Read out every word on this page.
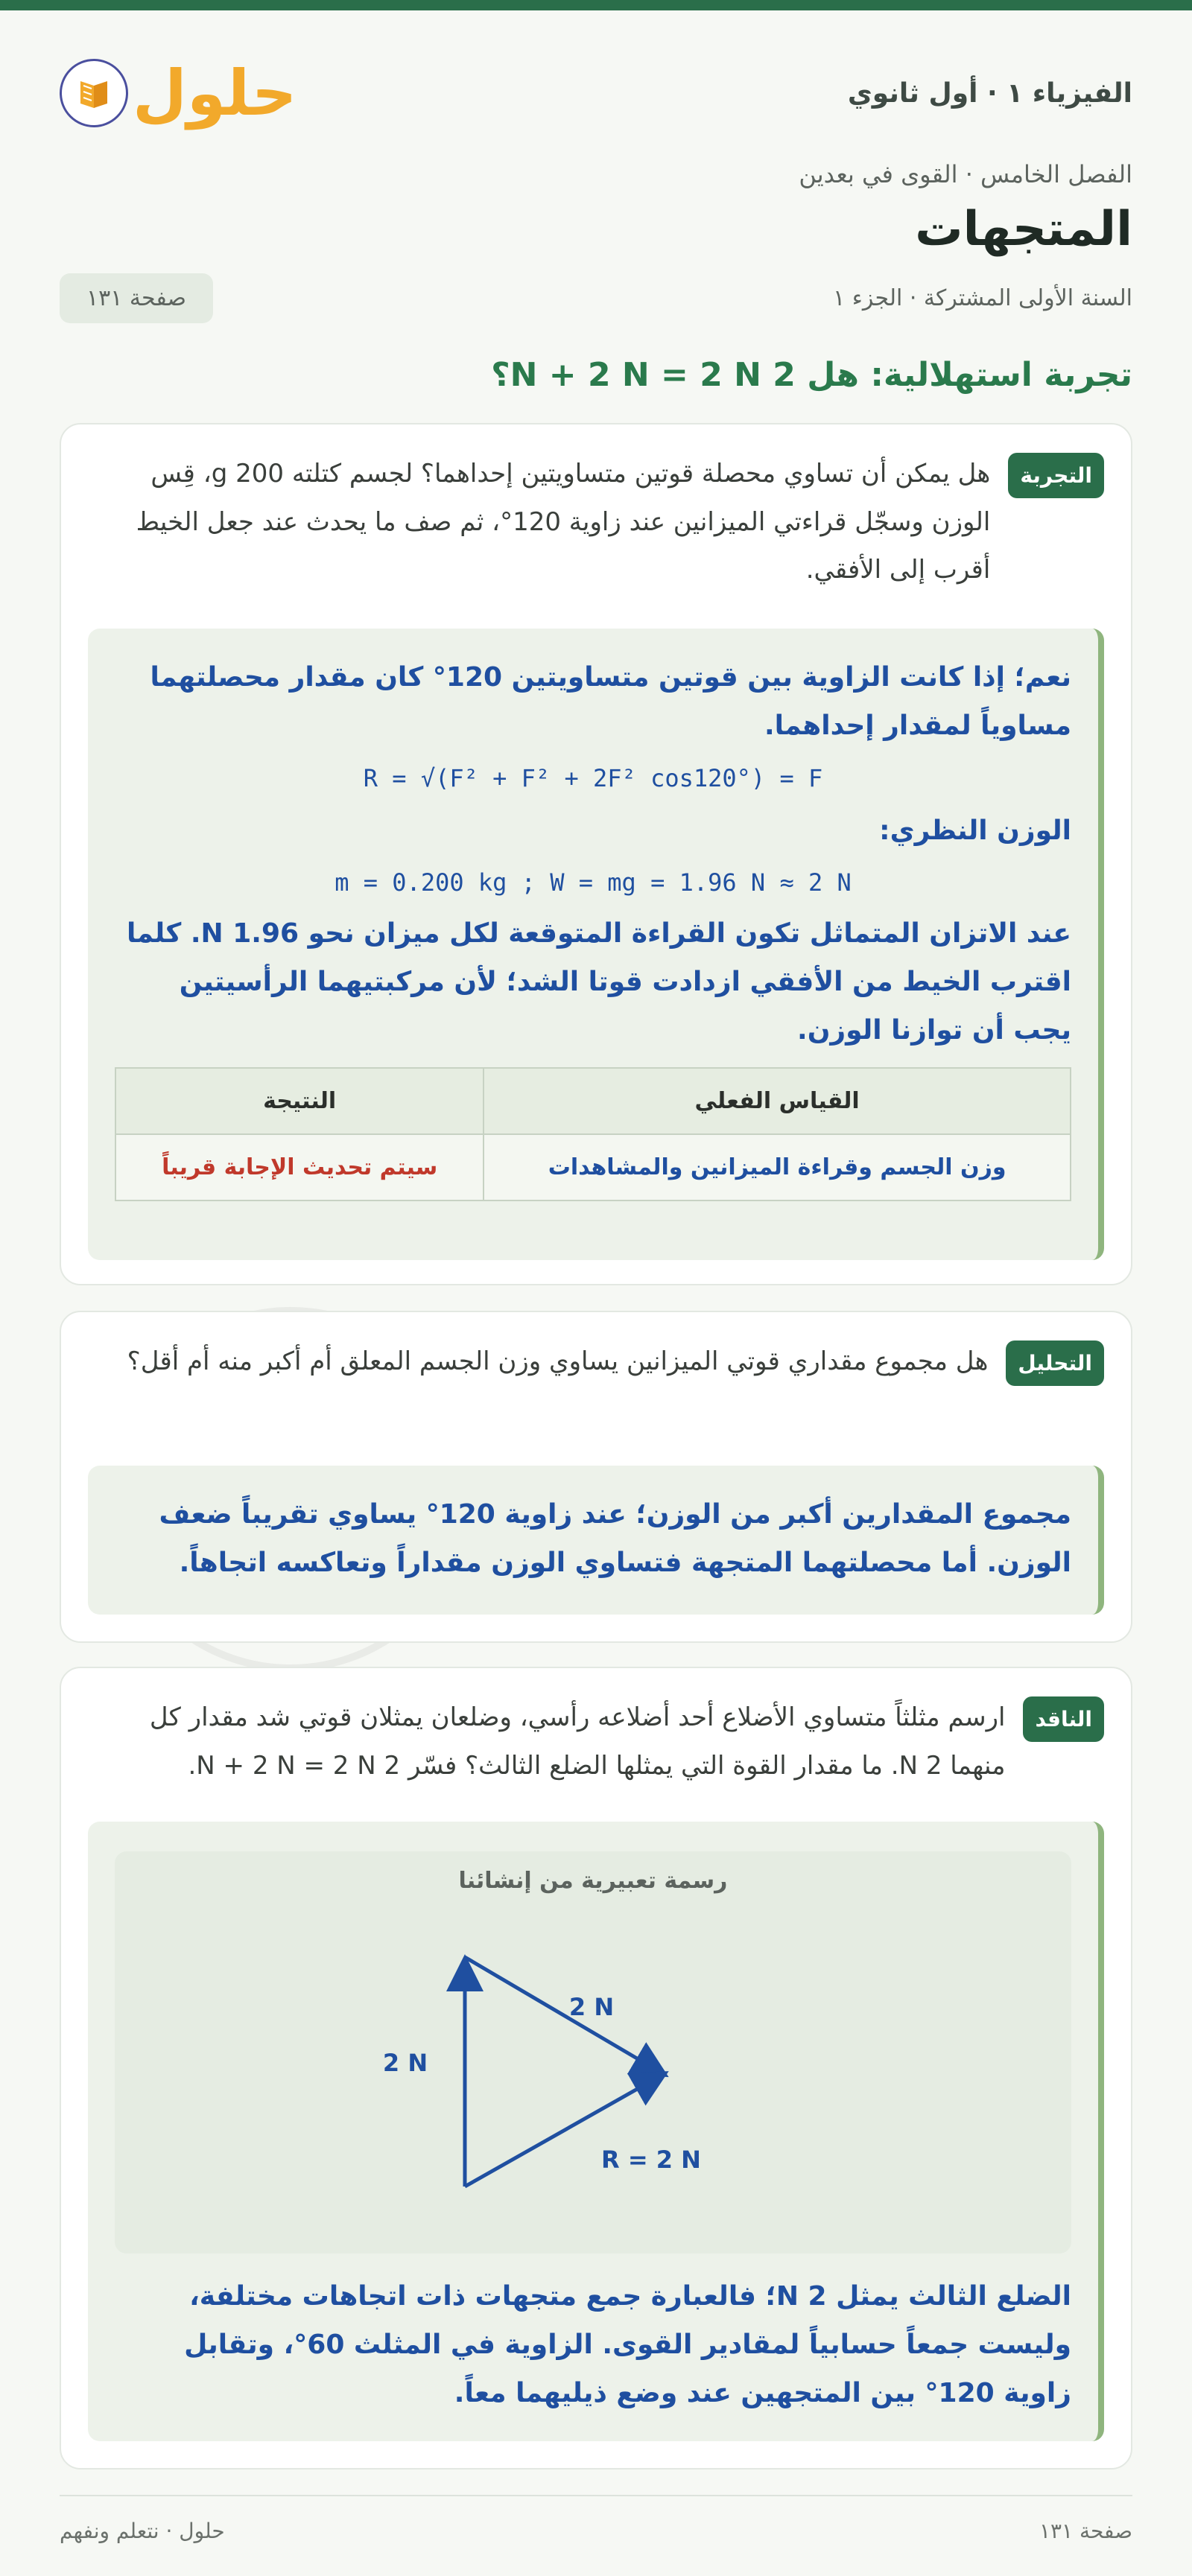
الفيزياء ١ · أول ثانوي
حلول
الفصل الخامس · القوى في بعدين
المتجهات
السنة الأولى المشتركة · الجزء ١
صفحة ١٣١
تجربة استهلالية: هل 2 N + 2 N = 2 N؟
التجربة
هل يمكن أن تساوي محصلة قوتين متساويتين إحداهما؟ لجسم كتلته 200 g، قِس الوزن وسجّل قراءتي الميزانين عند زاوية 120°، ثم صف ما يحدث عند جعل الخيط أقرب إلى الأفقي.
نعم؛ إذا كانت الزاوية بين قوتين متساويتين 120° كان مقدار محصلتهما مساوياً لمقدار إحداهما.
R = √(F² + F² + 2F² cos120°) = F
الوزن النظري:
m = 0.200 kg ; W = mg = 1.96 N ≈ 2 N
عند الاتزان المتماثل تكون القراءة المتوقعة لكل ميزان نحو 1.96 N. كلما اقترب الخيط من الأفقي ازدادت قوتا الشد؛ لأن مركبتيهما الرأسيتين يجب أن توازنا الوزن.
القياس الفعلي	النتيجة
وزن الجسم وقراءة الميزانين والمشاهدات	سيتم تحديث الإجابة قريباً
التحليل
هل مجموع مقداري قوتي الميزانين يساوي وزن الجسم المعلق أم أكبر منه أم أقل؟
مجموع المقدارين أكبر من الوزن؛ عند زاوية 120° يساوي تقريباً ضعف الوزن. أما محصلتهما المتجهة فتساوي الوزن مقداراً وتعاكسه اتجاهاً.
الناقد
ارسم مثلثاً متساوي الأضلاع أحد أضلاعه رأسي، وضلعان يمثلان قوتي شد مقدار كل منهما 2 N. ما مقدار القوة التي يمثلها الضلع الثالث؟ فسّر 2 N + 2 N = 2 N.
رسمة تعبيرية من إنشائنا
2 N
2 N
R = 2 N
الضلع الثالث يمثل 2 N؛ فالعبارة جمع متجهات ذات اتجاهات مختلفة، وليست جمعاً حسابياً لمقادير القوى. الزاوية في المثلث 60°، وتقابل زاوية 120° بين المتجهين عند وضع ذيليهما معاً.
صفحة ١٣١
حلول · نتعلم ونفهم
